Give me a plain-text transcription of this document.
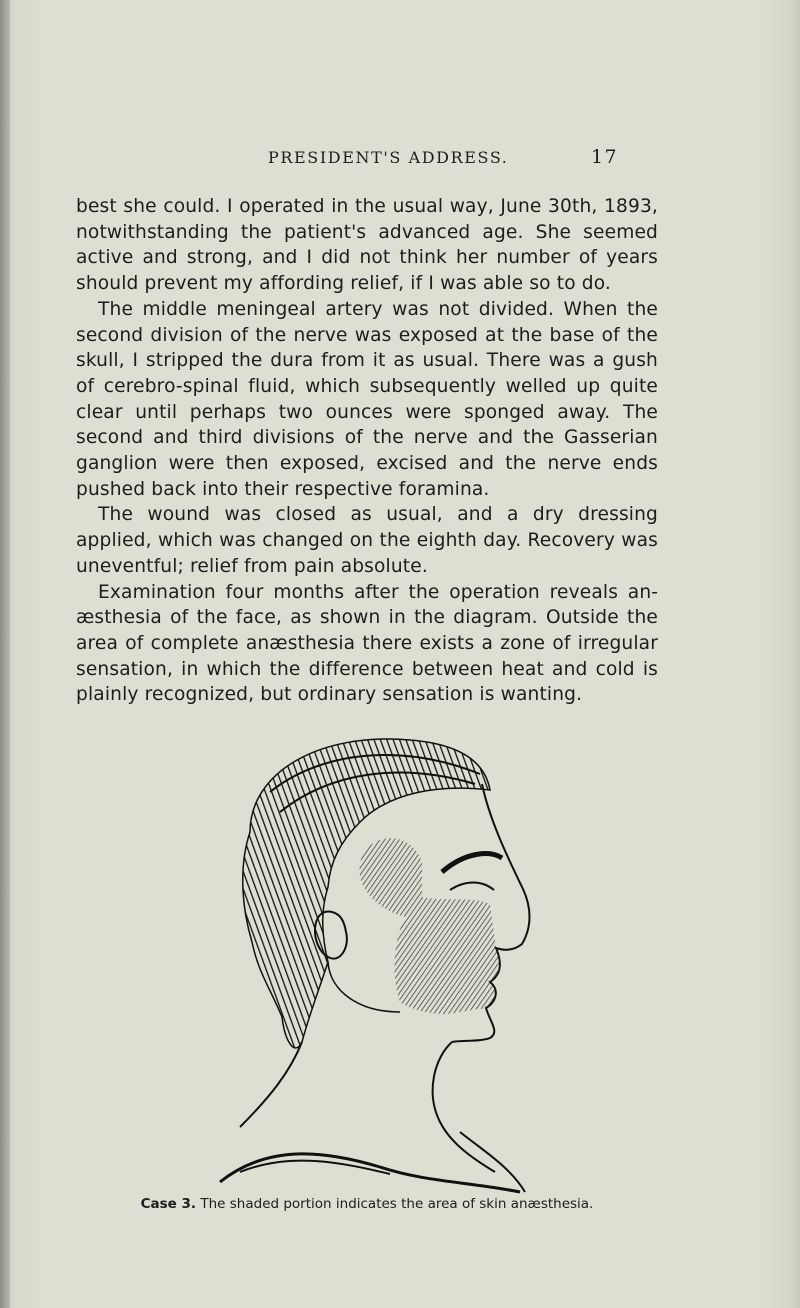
PRESIDENT'S ADDRESS.	17

best she could. I operated in the usual way, June 30th, 1893, notwithstanding the patient's advanced age. She seemed active and strong, and I did not think her number of years should prevent my affording relief, if I was able so to do.

The middle meningeal artery was not divided. When the second division of the nerve was exposed at the base of the skull, I stripped the dura from it as usual. There was a gush of cerebro-spinal fluid, which subsequently welled up quite clear until perhaps two ounces were sponged away. The second and third divisions of the nerve and the Gasserian ganglion were then exposed, excised and the nerve ends pushed back into their respective foramina.

The wound was closed as usual, and a dry dressing applied, which was changed on the eighth day. Recovery was uneventful; relief from pain absolute.

Examination four months after the operation reveals anæsthesia of the face, as shown in the diagram. Outside the area of complete anæsthesia there exists a zone of irregular sensation, in which the difference between heat and cold is plainly recognized, but ordinary sensation is wanting.

Case 3. The shaded portion indicates the area of skin anæsthesia.
